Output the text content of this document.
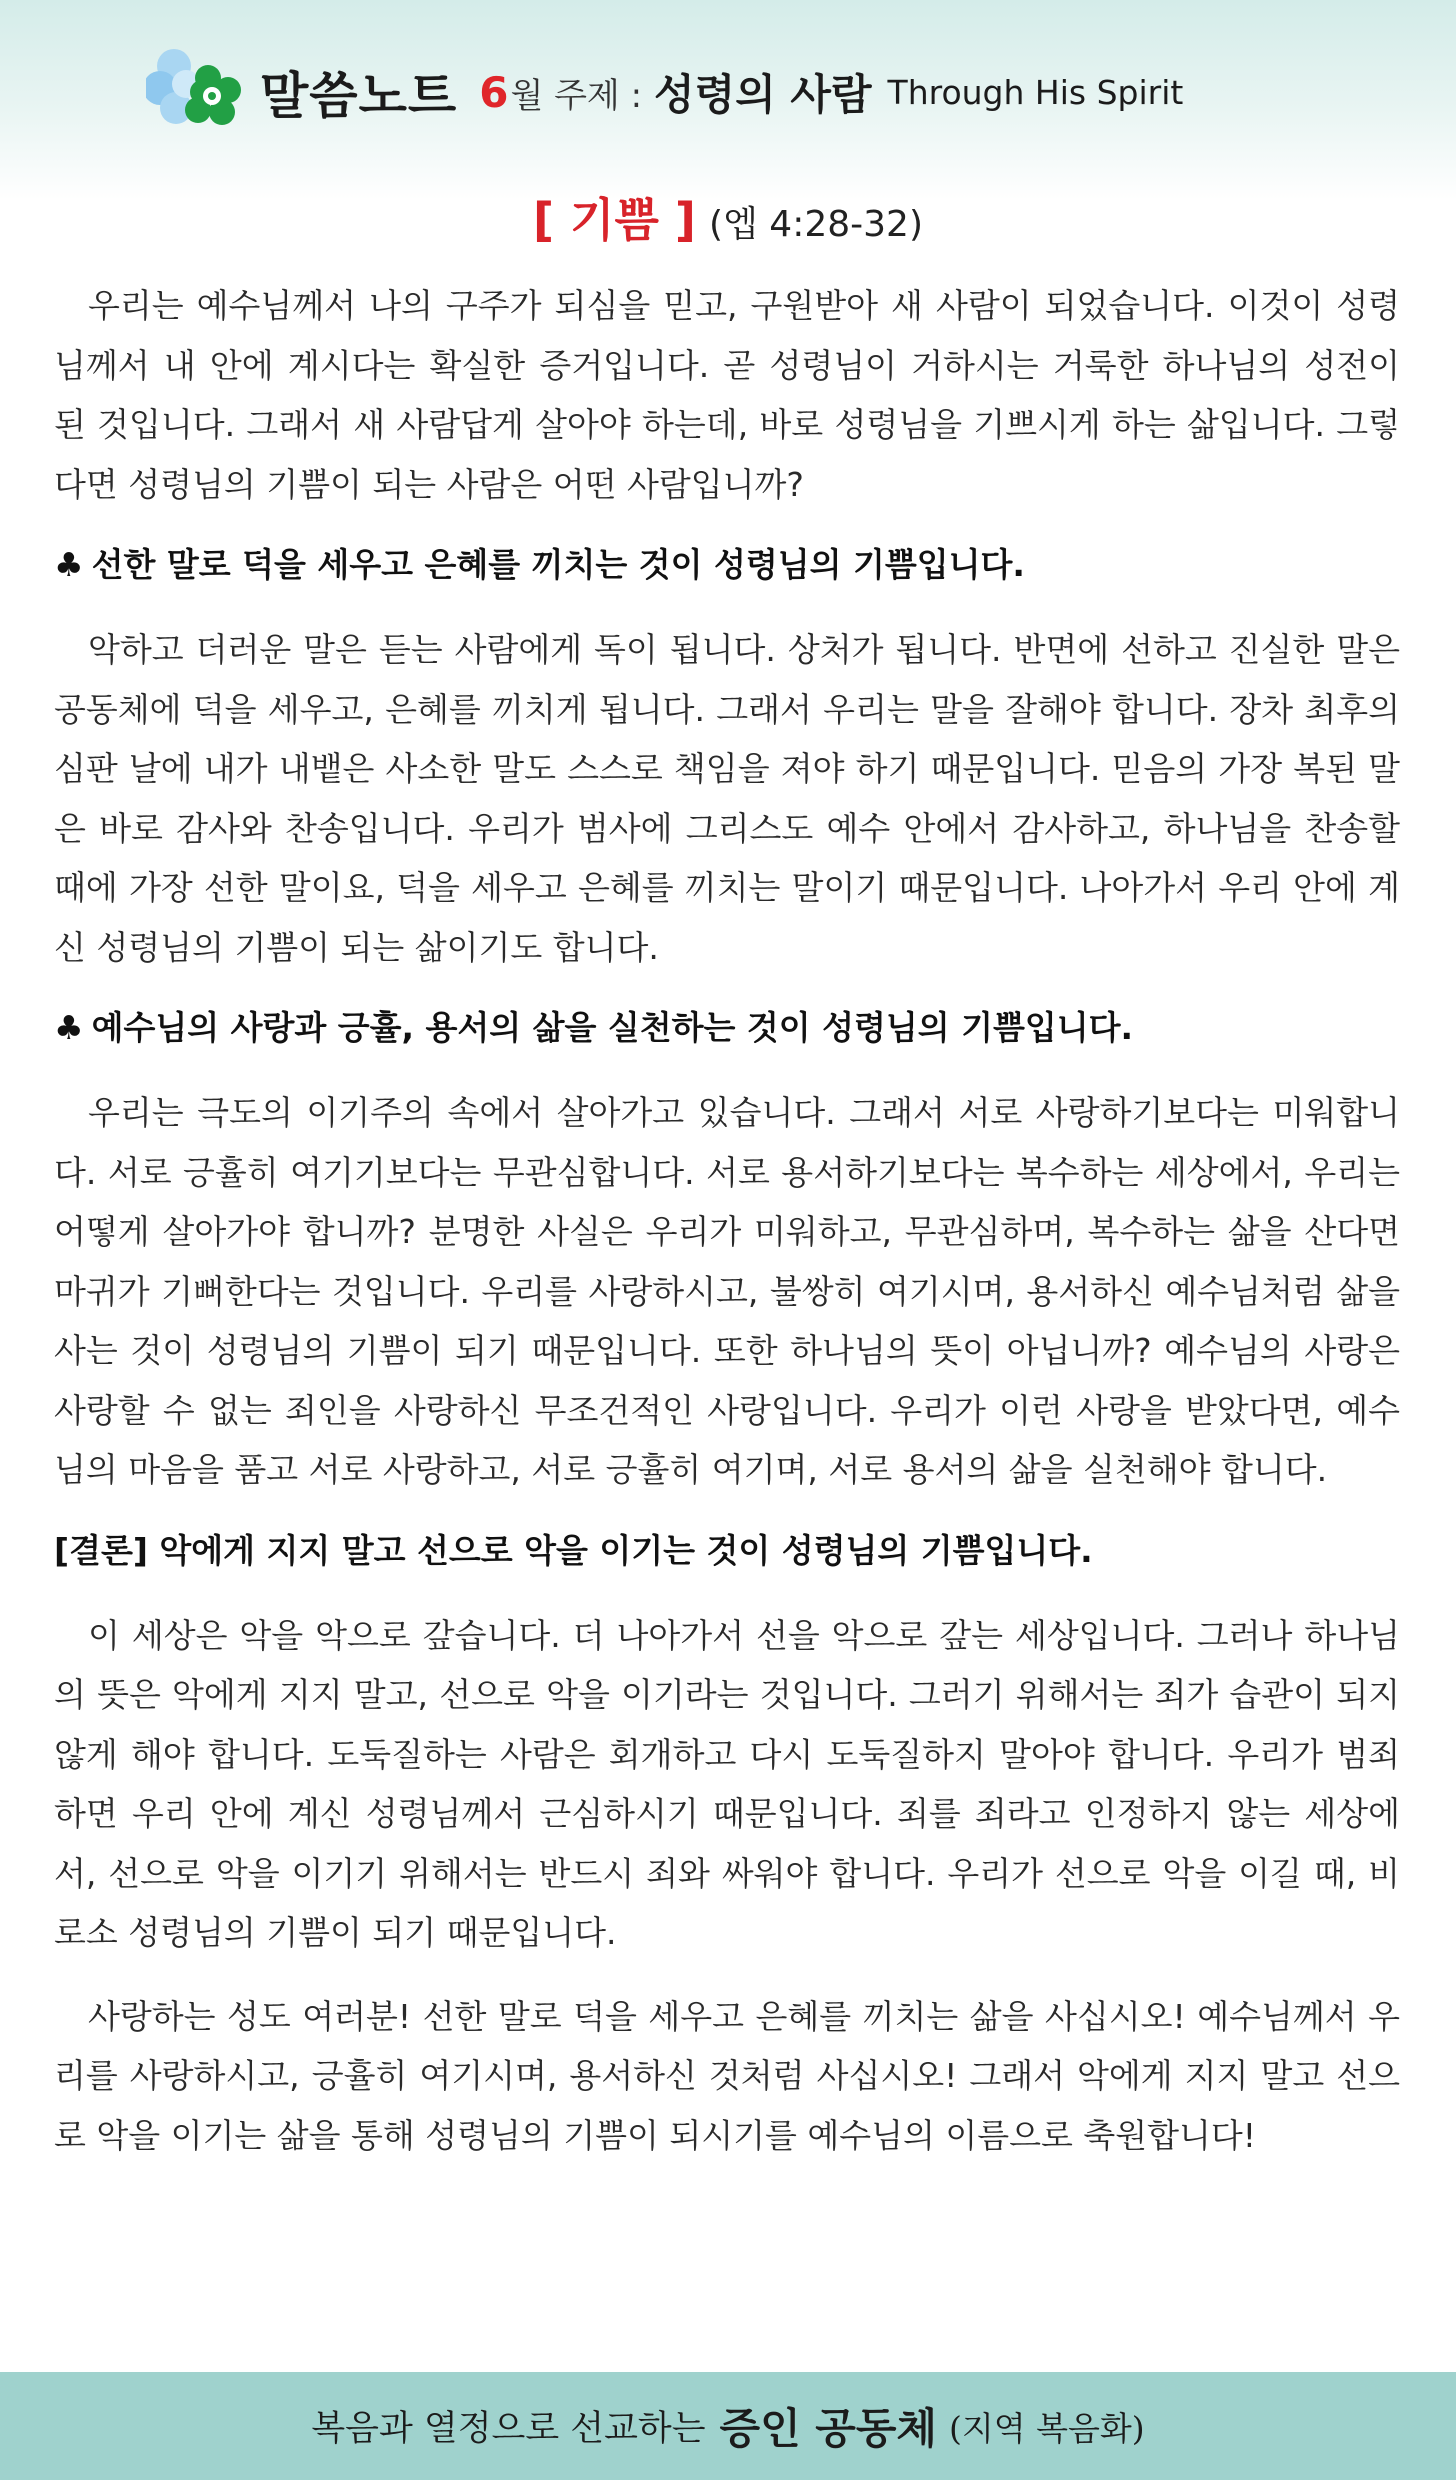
말씀노트 6 월 주제 : 성령의 사람 Through His Spirit
[ 기쁨 ] (엡 4:28-32)

우리는 예수님께서 나의 구주가 되심을 믿고, 구원받아 새 사람이 되었습니다. 이것이 성령님께서 내 안에 계시다는 확실한 증거입니다. 곧 성령님이 거하시는 거룩한 하나님의 성전이 된 것입니다. 그래서 새 사람답게 살아야 하는데, 바로 성령님을 기쁘시게 하는 삶입니다. 그렇다면 성령님의 기쁨이 되는 사람은 어떤 사람입니까?

♣ 선한 말로 덕을 세우고 은혜를 끼치는 것이 성령님의 기쁨입니다.

악하고 더러운 말은 듣는 사람에게 독이 됩니다. 상처가 됩니다. 반면에 선하고 진실한 말은 공동체에 덕을 세우고, 은혜를 끼치게 됩니다. 그래서 우리는 말을 잘해야 합니다. 장차 최후의 심판 날에 내가 내뱉은 사소한 말도 스스로 책임을 져야 하기 때문입니다. 믿음의 가장 복된 말은 바로 감사와 찬송입니다. 우리가 범사에 그리스도 예수 안에서 감사하고, 하나님을 찬송할 때에 가장 선한 말이요, 덕을 세우고 은혜를 끼치는 말이기 때문입니다. 나아가서 우리 안에 계신 성령님의 기쁨이 되는 삶이기도 합니다.

♣ 예수님의 사랑과 긍휼, 용서의 삶을 실천하는 것이 성령님의 기쁨입니다.

우리는 극도의 이기주의 속에서 살아가고 있습니다. 그래서 서로 사랑하기보다는 미워합니다. 서로 긍휼히 여기기보다는 무관심합니다. 서로 용서하기보다는 복수하는 세상에서, 우리는 어떻게 살아가야 합니까? 분명한 사실은 우리가 미워하고, 무관심하며, 복수하는 삶을 산다면 마귀가 기뻐한다는 것입니다. 우리를 사랑하시고, 불쌍히 여기시며, 용서하신 예수님처럼 삶을 사는 것이 성령님의 기쁨이 되기 때문입니다. 또한 하나님의 뜻이 아닙니까? 예수님의 사랑은 사랑할 수 없는 죄인을 사랑하신 무조건적인 사랑입니다. 우리가 이런 사랑을 받았다면, 예수님의 마음을 품고 서로 사랑하고, 서로 긍휼히 여기며, 서로 용서의 삶을 실천해야 합니다.

[결론] 악에게 지지 말고 선으로 악을 이기는 것이 성령님의 기쁨입니다.

이 세상은 악을 악으로 갚습니다. 더 나아가서 선을 악으로 갚는 세상입니다. 그러나 하나님의 뜻은 악에게 지지 말고, 선으로 악을 이기라는 것입니다. 그러기 위해서는 죄가 습관이 되지 않게 해야 합니다. 도둑질하는 사람은 회개하고 다시 도둑질하지 말아야 합니다. 우리가 범죄 하면 우리 안에 계신 성령님께서 근심하시기 때문입니다. 죄를 죄라고 인정하지 않는 세상에서, 선으로 악을 이기기 위해서는 반드시 죄와 싸워야 합니다. 우리가 선으로 악을 이길 때, 비로소 성령님의 기쁨이 되기 때문입니다.

사랑하는 성도 여러분! 선한 말로 덕을 세우고 은혜를 끼치는 삶을 사십시오! 예수님께서 우리를 사랑하시고, 긍휼히 여기시며, 용서하신 것처럼 사십시오! 그래서 악에게 지지 말고 선으로 악을 이기는 삶을 통해 성령님의 기쁨이 되시기를 예수님의 이름으로 축원합니다!

복음과 열정으로 선교하는 증인 공동체 (지역 복음화)
